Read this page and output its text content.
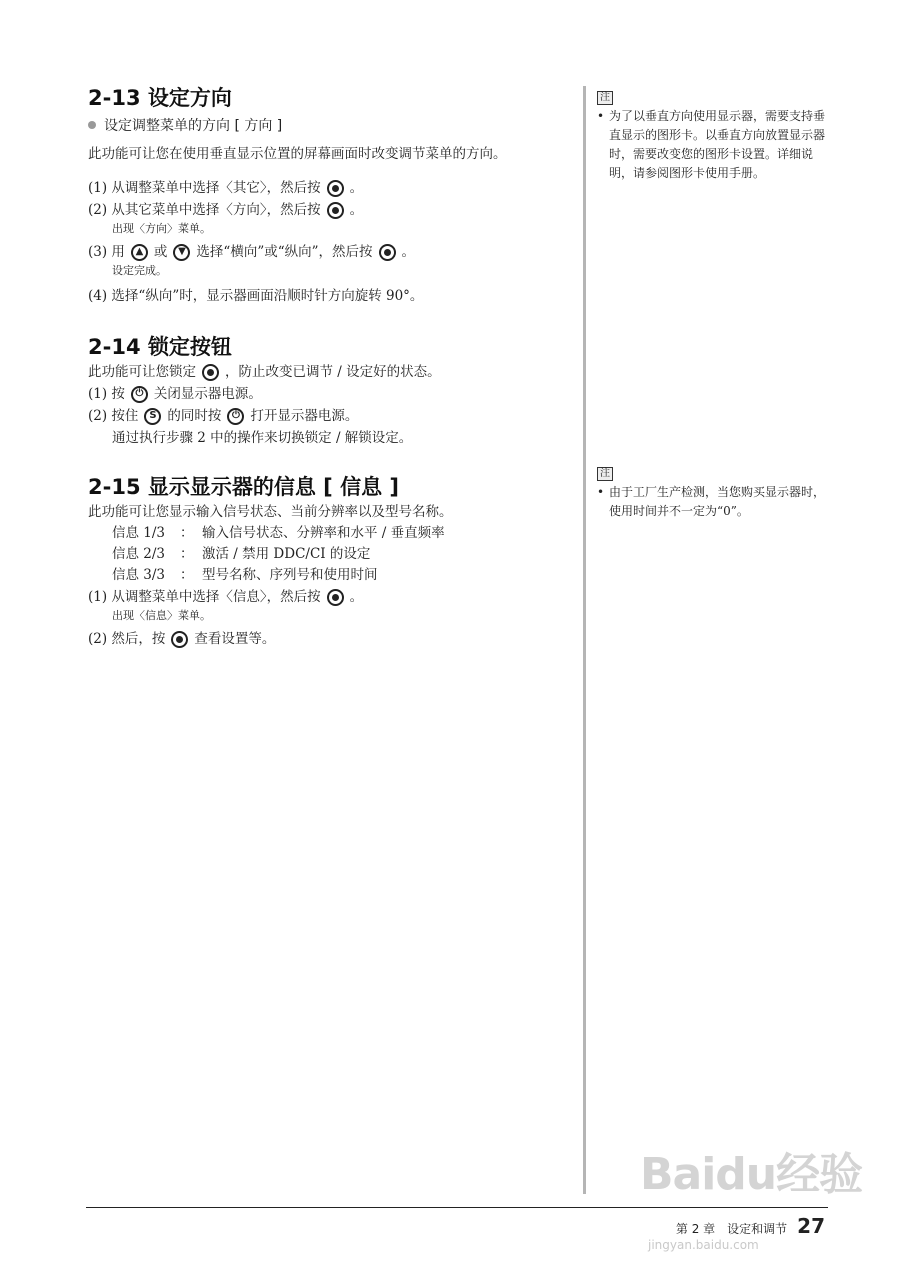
2-13 设定方向
设定调整菜单的方向 [ 方向 ]

此功能可让您在使用垂直显示位置的屏幕画面时改变调节菜单的方向。

(1) 从调整菜单中选择〈其它〉，然后按 。
(2) 从其它菜单中选择〈方向〉，然后按 。
出现〈方向〉菜单。
(3) 用	▲ 或	▼ 选择“横向”或“纵向”，然后按 。
设定完成。

(4) 选择“纵向”时，显示器画面沿顺时针方向旋转 90°。

2-14 锁定按钮
此功能可让您锁定 ，防止改变已调节 / 设定好的状态。
(1) 按	⏻ 关闭显示器电源。
(2) 按住	S 的同时按	⏻ 打开显示器电源。
通过执行步骤 2 中的操作来切换锁定 / 解锁设定。
2-15 显示显示器的信息 [ 信息 ]

此功能可让您显示输入信号状态、当前分辨率以及型号名称。

信息 1/3	： 输入信号状态、分辨率和水平 / 垂直频率
信息 2/3	： 激活 / 禁用 DDC/CI 的设定
信息 3/3	： 型号名称、序列号和使用时间
(1) 从调整菜单中选择〈信息〉，然后按 。
出现〈信息〉菜单。
(2) 然后，按 查看设置等。
注
• 为了以垂直方向使用显示器，需要支持垂直显示的图形卡。以垂直方向放置显示器时，需要改变您的图形卡设置。详细说明，请参阅图形卡使用手册。
注
• 由于工厂生产检测，当您购买显示器时，使用时间并不一定为“0”。
Baidu经验
jingyan.baidu.com
第 2 章　设定和调节 27
